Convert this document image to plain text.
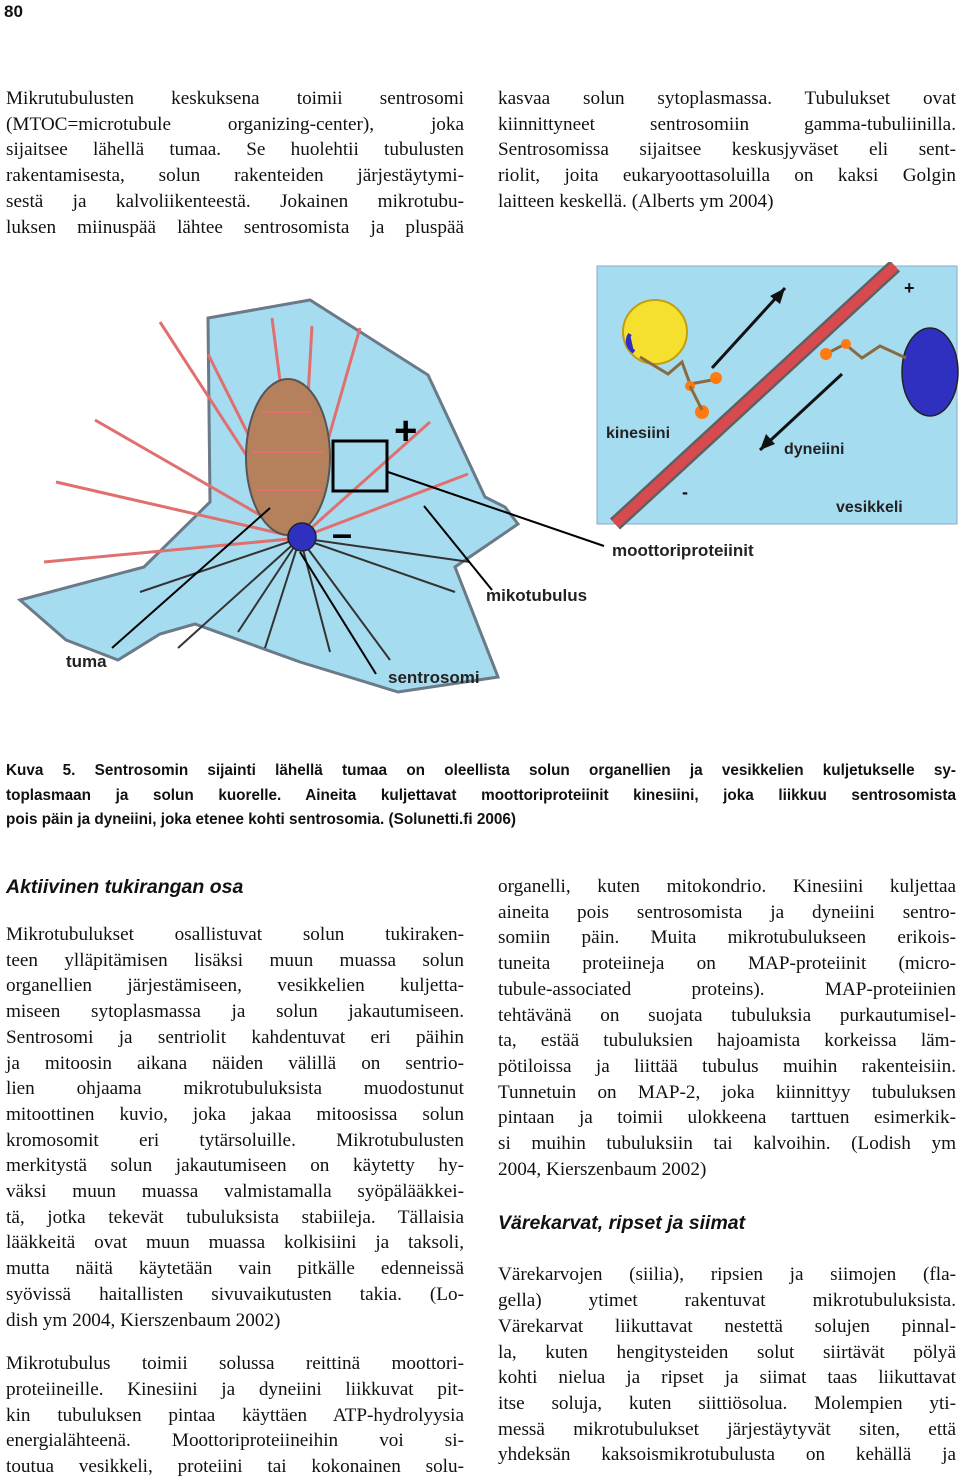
80
Mikrutubulusten keskuksena toimii sentrosomi
(MTOC=microtubule organizing-center), joka
sijaitsee lähellä tumaa. Se huolehtii tubulusten
rakentamisesta, solun rakenteiden järjestäytymi-
sestä ja kalvoliikenteestä. Jokainen mikrotubu-
luksen miinuspää lähtee sentrosomista ja pluspää
kasvaa solun sytoplasmassa. Tubulukset ovat
kiinnittyneet sentrosomiin gamma-tubuliinilla.
Sentrosomissa sijaitsee keskusjyväset eli sent-
riolit, joita eukaryoottasoluilla on kaksi Golgin
laitteen keskellä. (Alberts ym 2004)
+
–
tuma
sentrosomi
mikotubulus
moottoriproteiinit
+
-
kinesiini
dyneiini
vesikkeli
Kuva 5. Sentrosomin sijainti lähellä tumaa on oleellista solun organellien ja vesikkelien kuljetukselle sy-
toplasmaan ja solun kuorelle. Aineita kuljettavat moottoriproteiinit kinesiini, joka liikkuu sentrosomista
pois päin ja dyneiini, joka etenee kohti sentrosomia. (Solunetti.fi 2006)

Aktiivinen tukirangan osa

Mikrotubulukset osallistuvat solun tukiraken-
teen ylläpitämisen lisäksi muun muassa solun
organellien järjestämiseen, vesikkelien kuljetta-
miseen sytoplasmassa ja solun jakautumiseen.
Sentrosomi ja sentriolit kahdentuvat eri päihin
ja mitoosin aikana näiden välillä on sentrio-
lien ohjaama mikrotubuluksista muodostunut
mitoottinen kuvio, joka jakaa mitoosissa solun
kromosomit eri tytärsoluille. Mikrotubulusten
merkitystä solun jakautumiseen on käytetty hy-
väksi muun muassa valmistamalla syöpälääkkei-
tä, jotka tekevät tubuluksista stabiileja. Tällaisia
lääkkeitä ovat muun muassa kolkisiini ja taksoli,
mutta näitä käytetään vain pitkälle edenneissä
syövissä haitallisten sivuvaikutusten takia. (Lo-
dish ym 2004, Kierszenbaum 2002)
Mikrotubulus toimii solussa reittinä moottori-
proteiineille. Kinesiini ja dyneiini liikkuvat pit-
kin tubuluksen pintaa käyttäen ATP-hydrolyysia
energialähteenä. Moottoriproteiineihin voi si-
toutua vesikkeli, proteiini tai kokonainen solu-
organelli, kuten mitokondrio. Kinesiini kuljettaa
aineita pois sentrosomista ja dyneiini sentro-
somiin päin. Muita mikrotubulukseen erikois-
tuneita proteiineja on MAP-proteiinit (micro-
tubule-associated proteins). MAP-proteiinien
tehtävänä on suojata tubuluksia purkautumisel-
ta, estää tubuluksien hajoamista korkeissa läm-
pötiloissa ja liittää tubulus muihin rakenteisiin.
Tunnetuin on MAP-2, joka kiinnittyy tubuluksen
pintaan ja toimii ulokkeena tarttuen esimerkik-
si muihin tubuluksiin tai kalvoihin. (Lodish ym
2004, Kierszenbaum 2002)

Värekarvat, ripset ja siimat

Värekarvojen (siilia), ripsien ja siimojen (fla-
gella) ytimet rakentuvat mikrotubuluksista.
Värekarvat liikuttavat nestettä solujen pinnal-
la, kuten hengitysteiden solut siirtävät pölyä
kohti nielua ja ripset ja siimat taas liikuttavat
itse soluja, kuten siittiösolua. Molempien yti-
messä mikrotubulukset järjestäytyvät siten, että
yhdeksän kaksoismikrotubulusta on kehällä ja
